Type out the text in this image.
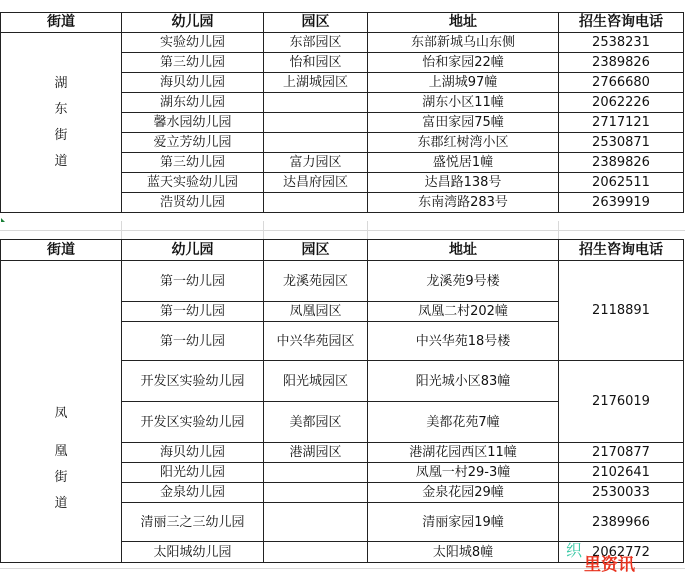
街道	幼儿园	园区	地址	招生咨询电话

湖
东
街
道	实验幼儿园	东部园区	东部新城乌山东侧	2538231
	第三幼儿园	怡和园区	怡和家园22幢	2389826
	海贝幼儿园	上湖城园区	上湖城97幢	2766680
	湖东幼儿园		湖东小区11幢	2062226
	馨水园幼儿园		富田家园75幢	2717121
	爱立芳幼儿园		东郡红树湾小区	2530871
	第三幼儿园	富力园区	盛悦居1幢	2389826
	蓝天实验幼儿园	达昌府园区	达昌路138号	2062511
	浩贤幼儿园		东南湾路283号	2639919
街道	幼儿园	园区	地址	招生咨询电话

凤
凰
街
道	第一幼儿园	龙溪苑园区	龙溪苑9号楼	2118891
	第一幼儿园	凤凰园区	凤凰二村202幢	
	第一幼儿园	中兴华苑园区	中兴华苑18号楼	
	开发区实验幼儿园	阳光城园区	阳光城小区83幢	2176019
	开发区实验幼儿园	美都园区	美都花苑7幢	
	海贝幼儿园	港湖园区	港湖花园西区11幢	2170877
	阳光幼儿园		凤凰一村29-3幢	2102641
	金泉幼儿园		金泉花园29幢	2530033
	清丽三之三幼儿园		清丽家园19幢	2389966
	太阳城幼儿园		太阳城8幢	2062772
织
里资讯
